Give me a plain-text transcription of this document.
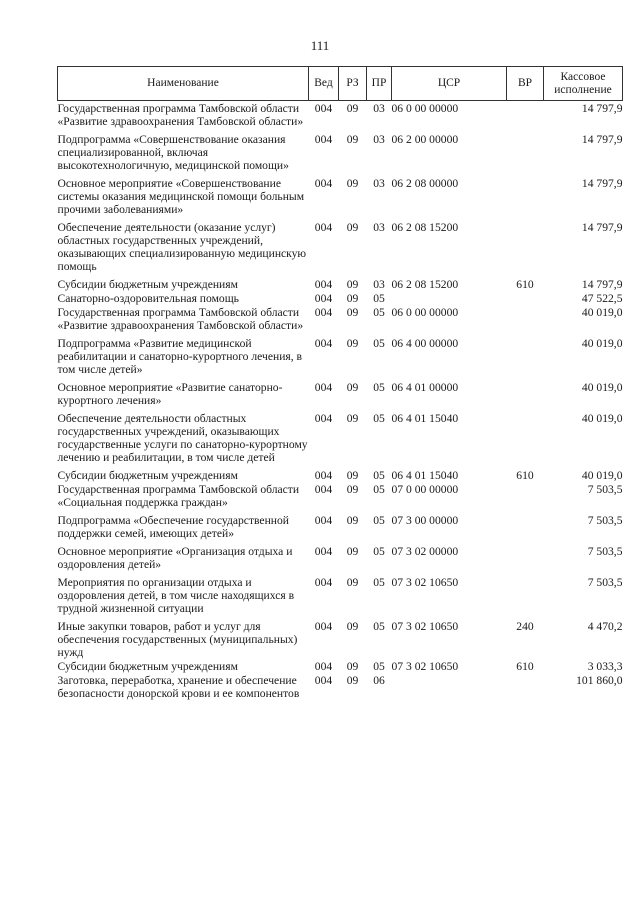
111
Наименование	Вед	РЗ	ПР	ЦСР	ВР	Кассовое исполнение
Государственная программа Тамбовской области «Развитие здравоохранения Тамбовской области»	004	09	03	06 0 00 00000		14 797,9
Подпрограмма «Совершенствование оказания специализированной, включая высокотехнологичную, медицинской помощи»	004	09	03	06 2 00 00000		14 797,9
Основное мероприятие «Совершенствование системы оказания медицинской помощи больным прочими заболеваниями»	004	09	03	06 2 08 00000		14 797,9
Обеспечение деятельности (оказание услуг) областных государственных учреждений, оказывающих специализированную медицинскую помощь	004	09	03	06 2 08 15200		14 797,9
Субсидии бюджетным учреждениям	004	09	03	06 2 08 15200	610	14 797,9
Санаторно-оздоровительная помощь	004	09	05			47 522,5
Государственная программа Тамбовской области «Развитие здравоохранения Тамбовской области»	004	09	05	06 0 00 00000		40 019,0
Подпрограмма «Развитие медицинской реабилитации и санаторно-курортного лечения, в том числе детей»	004	09	05	06 4 00 00000		40 019,0
Основное мероприятие «Развитие санаторно-курортного лечения»	004	09	05	06 4 01 00000		40 019,0
Обеспечение деятельности областных государственных учреждений, оказывающих государственные услуги по санаторно-курортному лечению и реабилитации, в том числе детей	004	09	05	06 4 01 15040		40 019,0
Субсидии бюджетным учреждениям	004	09	05	06 4 01 15040	610	40 019,0
Государственная программа Тамбовской области «Социальная поддержка граждан»	004	09	05	07 0 00 00000		7 503,5
Подпрограмма «Обеспечение государственной поддержки семей, имеющих детей»	004	09	05	07 3 00 00000		7 503,5
Основное мероприятие «Организация отдыха и оздоровления детей»	004	09	05	07 3 02 00000		7 503,5
Мероприятия по организации отдыха и оздоровления детей, в том числе находящихся в трудной жизненной ситуации	004	09	05	07 3 02 10650		7 503,5
Иные закупки товаров, работ и услуг для обеспечения государственных (муниципальных) нужд	004	09	05	07 3 02 10650	240	4 470,2
Субсидии бюджетным учреждениям	004	09	05	07 3 02 10650	610	3 033,3
Заготовка, переработка, хранение и обеспечение безопасности донорской крови и ее компонентов	004	09	06			101 860,0
